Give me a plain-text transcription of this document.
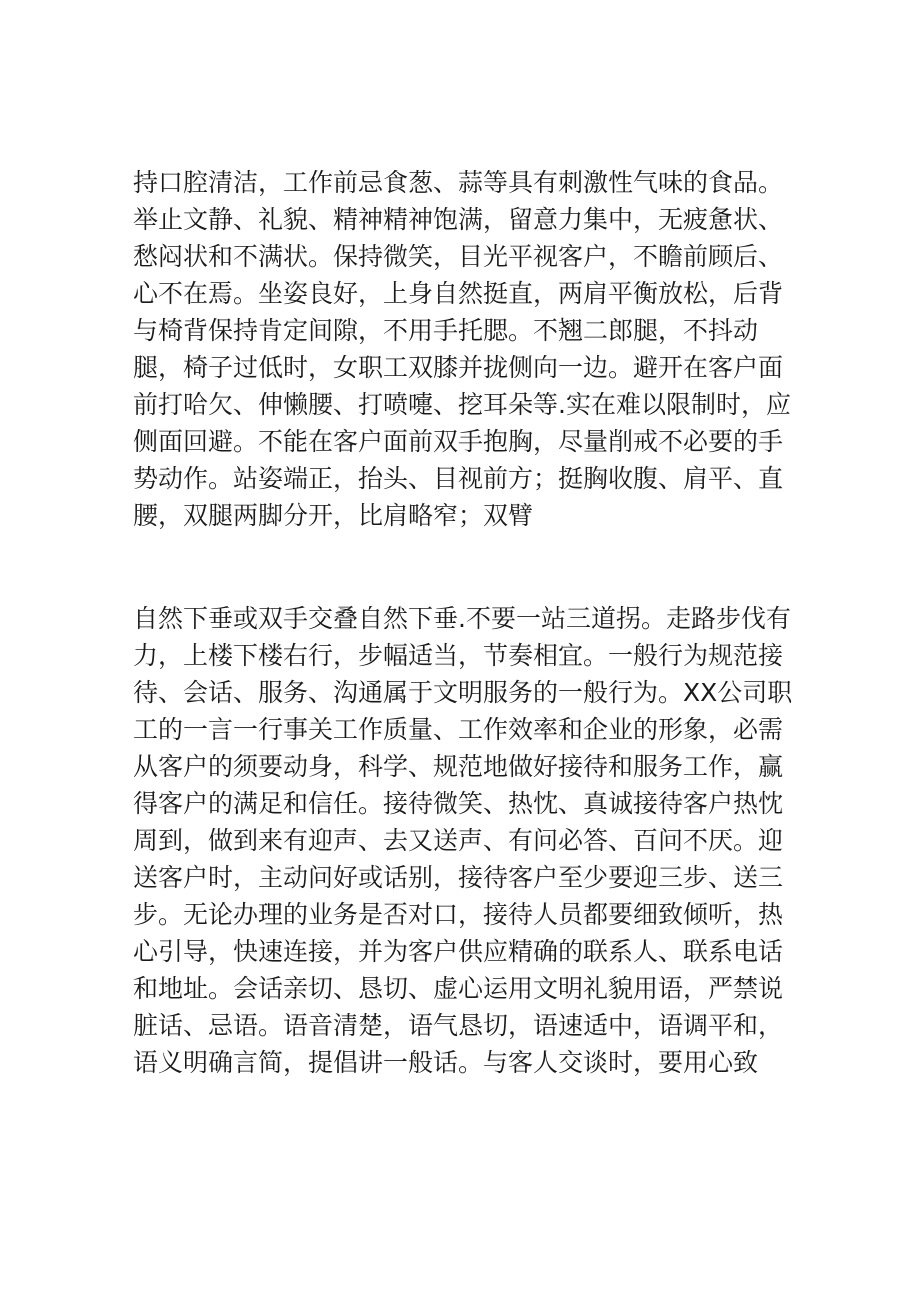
持口腔清洁，工作前忌食葱、蒜等具有刺激性气味的食品。
举止文静、礼貌、精神精神饱满，留意力集中，无疲惫状、
愁闷状和不满状。保持微笑，目光平视客户，不瞻前顾后、
心不在焉。坐姿良好，上身自然挺直，两肩平衡放松，后背
与椅背保持肯定间隙，不用手托腮。不翘二郎腿，不抖动
腿，椅子过低时，女职工双膝并拢侧向一边。避开在客户面
前打哈欠、伸懒腰、打喷嚏、挖耳朵等.实在难以限制时，应
侧面回避。不能在客户面前双手抱胸，尽量削戒不必要的手
势动作。站姿端正，抬头、目视前方；挺胸收腹、肩平、直
腰，双腿两脚分开，比肩略窄；双臂

自然下垂或双手交叠自然下垂.不要一站三道拐。走路步伐有
力，上楼下楼右行，步幅适当，节奏相宜。一般行为规范接
待、会话、服务、沟通属于文明服务的一般行为。XX公司职
工的一言一行事关工作质量、工作效率和企业的形象，必需
从客户的须要动身，科学、规范地做好接待和服务工作，赢
得客户的满足和信任。接待微笑、热忱、真诚接待客户热忱
周到，做到来有迎声、去又送声、有问必答、百问不厌。迎
送客户时，主动问好或话别，接待客户至少要迎三步、送三
步。无论办理的业务是否对口，接待人员都要细致倾听，热
心引导，快速连接，并为客户供应精确的联系人、联系电话
和地址。会话亲切、恳切、虚心运用文明礼貌用语，严禁说
脏话、忌语。语音清楚，语气恳切，语速适中，语调平和，
语义明确言简，提倡讲一般话。与客人交谈时，要用心致
